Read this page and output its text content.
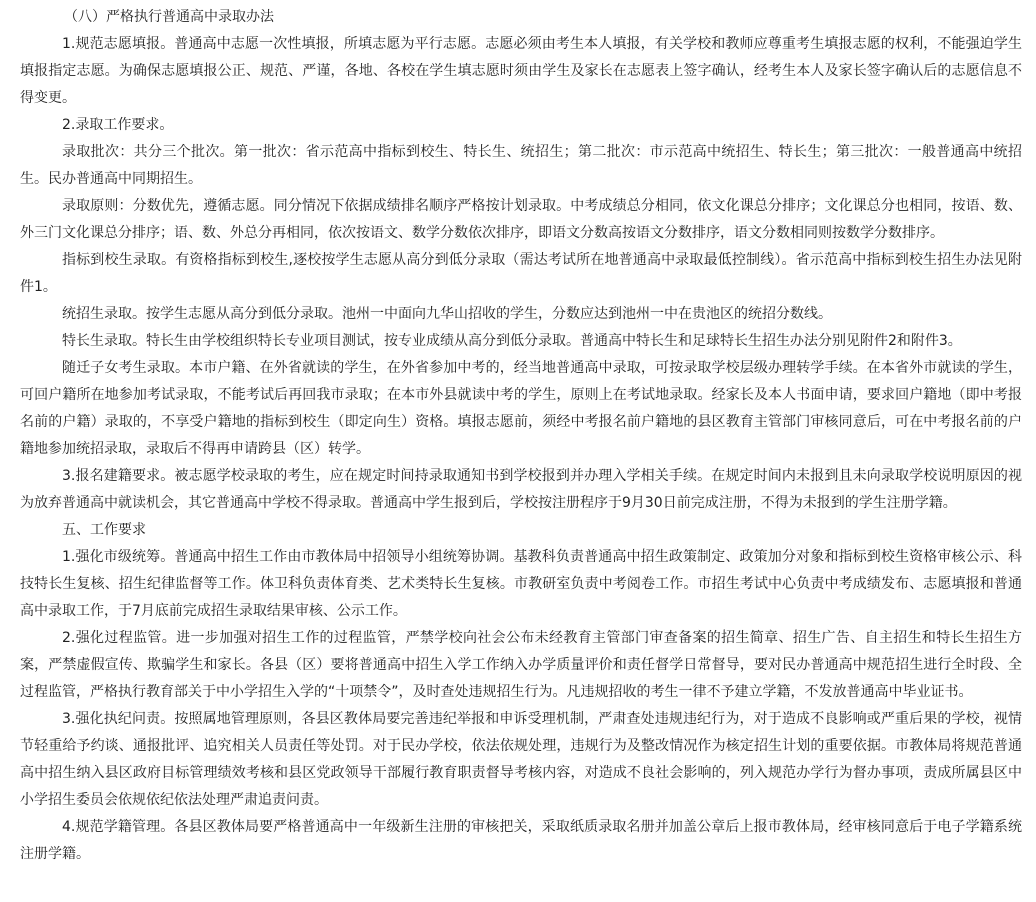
（八）严格执行普通高中录取办法

1.规范志愿填报。普通高中志愿一次性填报，所填志愿为平行志愿。志愿必须由考生本人填报，有关学校和教师应尊重考生填报志愿的权利，不能强迫学生填报指定志愿。为确保志愿填报公正、规范、严谨，各地、各校在学生填志愿时须由学生及家长在志愿表上签字确认，经考生本人及家长签字确认后的志愿信息不得变更。

2.录取工作要求。

录取批次：共分三个批次。第一批次：省示范高中指标到校生、特长生、统招生；第二批次：市示范高中统招生、特长生；第三批次：一般普通高中统招生。民办普通高中同期招生。

录取原则：分数优先，遵循志愿。同分情况下依据成绩排名顺序严格按计划录取。中考成绩总分相同，依文化课总分排序；文化课总分也相同，按语、数、外三门文化课总分排序；语、数、外总分再相同，依次按语文、数学分数依次排序，即语文分数高按语文分数排序，语文分数相同则按数学分数排序。

指标到校生录取。有资格指标到校生,逐校按学生志愿从高分到低分录取（需达考试所在地普通高中录取最低控制线）。省示范高中指标到校生招生办法见附件1。

统招生录取。按学生志愿从高分到低分录取。池州一中面向九华山招收的学生，分数应达到池州一中在贵池区的统招分数线。

特长生录取。特长生由学校组织特长专业项目测试，按专业成绩从高分到低分录取。普通高中特长生和足球特长生招生办法分别见附件2和附件3。

随迁子女考生录取。本市户籍、在外省就读的学生，在外省参加中考的，经当地普通高中录取，可按录取学校层级办理转学手续。在本省外市就读的学生，可回户籍所在地参加考试录取，不能考试后再回我市录取；在本市外县就读中考的学生，原则上在考试地录取。经家长及本人书面申请，要求回户籍地（即中考报名前的户籍）录取的，不享受户籍地的指标到校生（即定向生）资格。填报志愿前，须经中考报名前户籍地的县区教育主管部门审核同意后，可在中考报名前的户籍地参加统招录取，录取后不得再申请跨县（区）转学。

3.报名建籍要求。被志愿学校录取的考生，应在规定时间持录取通知书到学校报到并办理入学相关手续。在规定时间内未报到且未向录取学校说明原因的视为放弃普通高中就读机会，其它普通高中学校不得录取。普通高中学生报到后，学校按注册程序于9月30日前完成注册，不得为未报到的学生注册学籍。

五、工作要求

1.强化市级统筹。普通高中招生工作由市教体局中招领导小组统筹协调。基教科负责普通高中招生政策制定、政策加分对象和指标到校生资格审核公示、科技特长生复核、招生纪律监督等工作。体卫科负责体育类、艺术类特长生复核。市教研室负责中考阅卷工作。市招生考试中心负责中考成绩发布、志愿填报和普通高中录取工作，于7月底前完成招生录取结果审核、公示工作。

2.强化过程监管。进一步加强对招生工作的过程监管，严禁学校向社会公布未经教育主管部门审查备案的招生简章、招生广告、自主招生和特长生招生方案，严禁虚假宣传、欺骗学生和家长。各县（区）要将普通高中招生入学工作纳入办学质量评价和责任督学日常督导，要对民办普通高中规范招生进行全时段、全过程监管，严格执行教育部关于中小学招生入学的“十项禁令”，及时查处违规招生行为。凡违规招收的考生一律不予建立学籍，不发放普通高中毕业证书。

3.强化执纪问责。按照属地管理原则，各县区教体局要完善违纪举报和申诉受理机制，严肃查处违规违纪行为，对于造成不良影响或严重后果的学校，视情节轻重给予约谈、通报批评、追究相关人员责任等处罚。对于民办学校，依法依规处理，违规行为及整改情况作为核定招生计划的重要依据。市教体局将规范普通高中招生纳入县区政府目标管理绩效考核和县区党政领导干部履行教育职责督导考核内容，对造成不良社会影响的，列入规范办学行为督办事项，责成所属县区中小学招生委员会依规依纪依法处理严肃追责问责。

4.规范学籍管理。各县区教体局要严格普通高中一年级新生注册的审核把关，采取纸质录取名册并加盖公章后上报市教体局，经审核同意后于电子学籍系统注册学籍。
